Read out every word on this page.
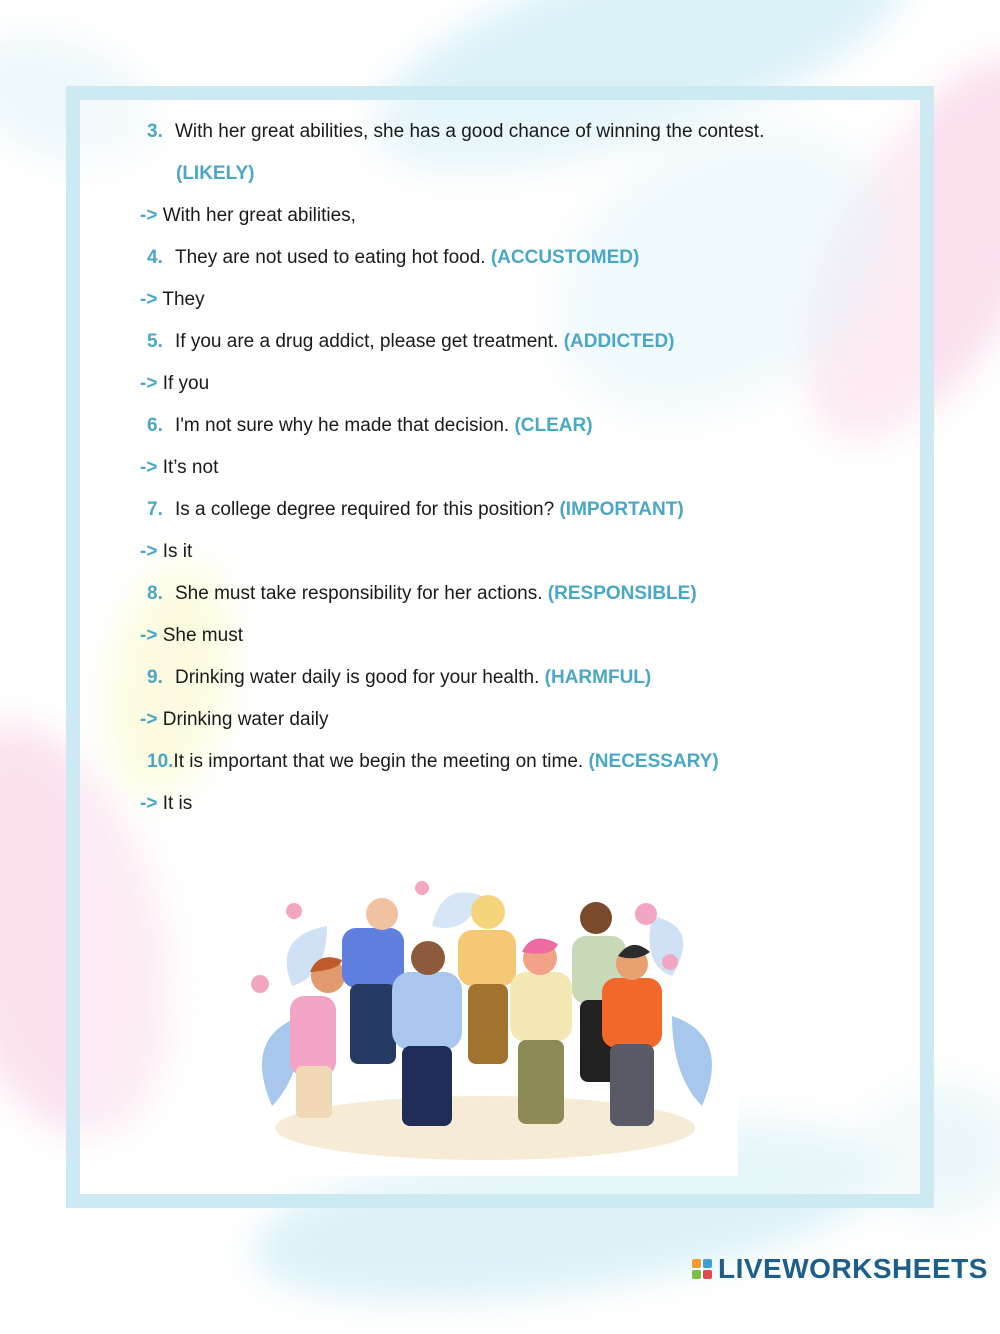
3. With her great abilities, she has a good chance of winning the contest.
(LIKELY)
-> With her great abilities,
4. They are not used to eating hot food. (ACCUSTOMED)
-> They
5. If you are a drug addict, please get treatment. (ADDICTED)
-> If you
6. I'm not sure why he made that decision. (CLEAR)
-> It’s not
7. Is a college degree required for this position? (IMPORTANT)
-> Is it
8. She must take responsibility for her actions. (RESPONSIBLE)
-> She must
9. Drinking water daily is good for your health. (HARMFUL)
-> Drinking water daily
10.It is important that we begin the meeting on time. (NECESSARY)
-> It is
LIVEWORKSHEETS
